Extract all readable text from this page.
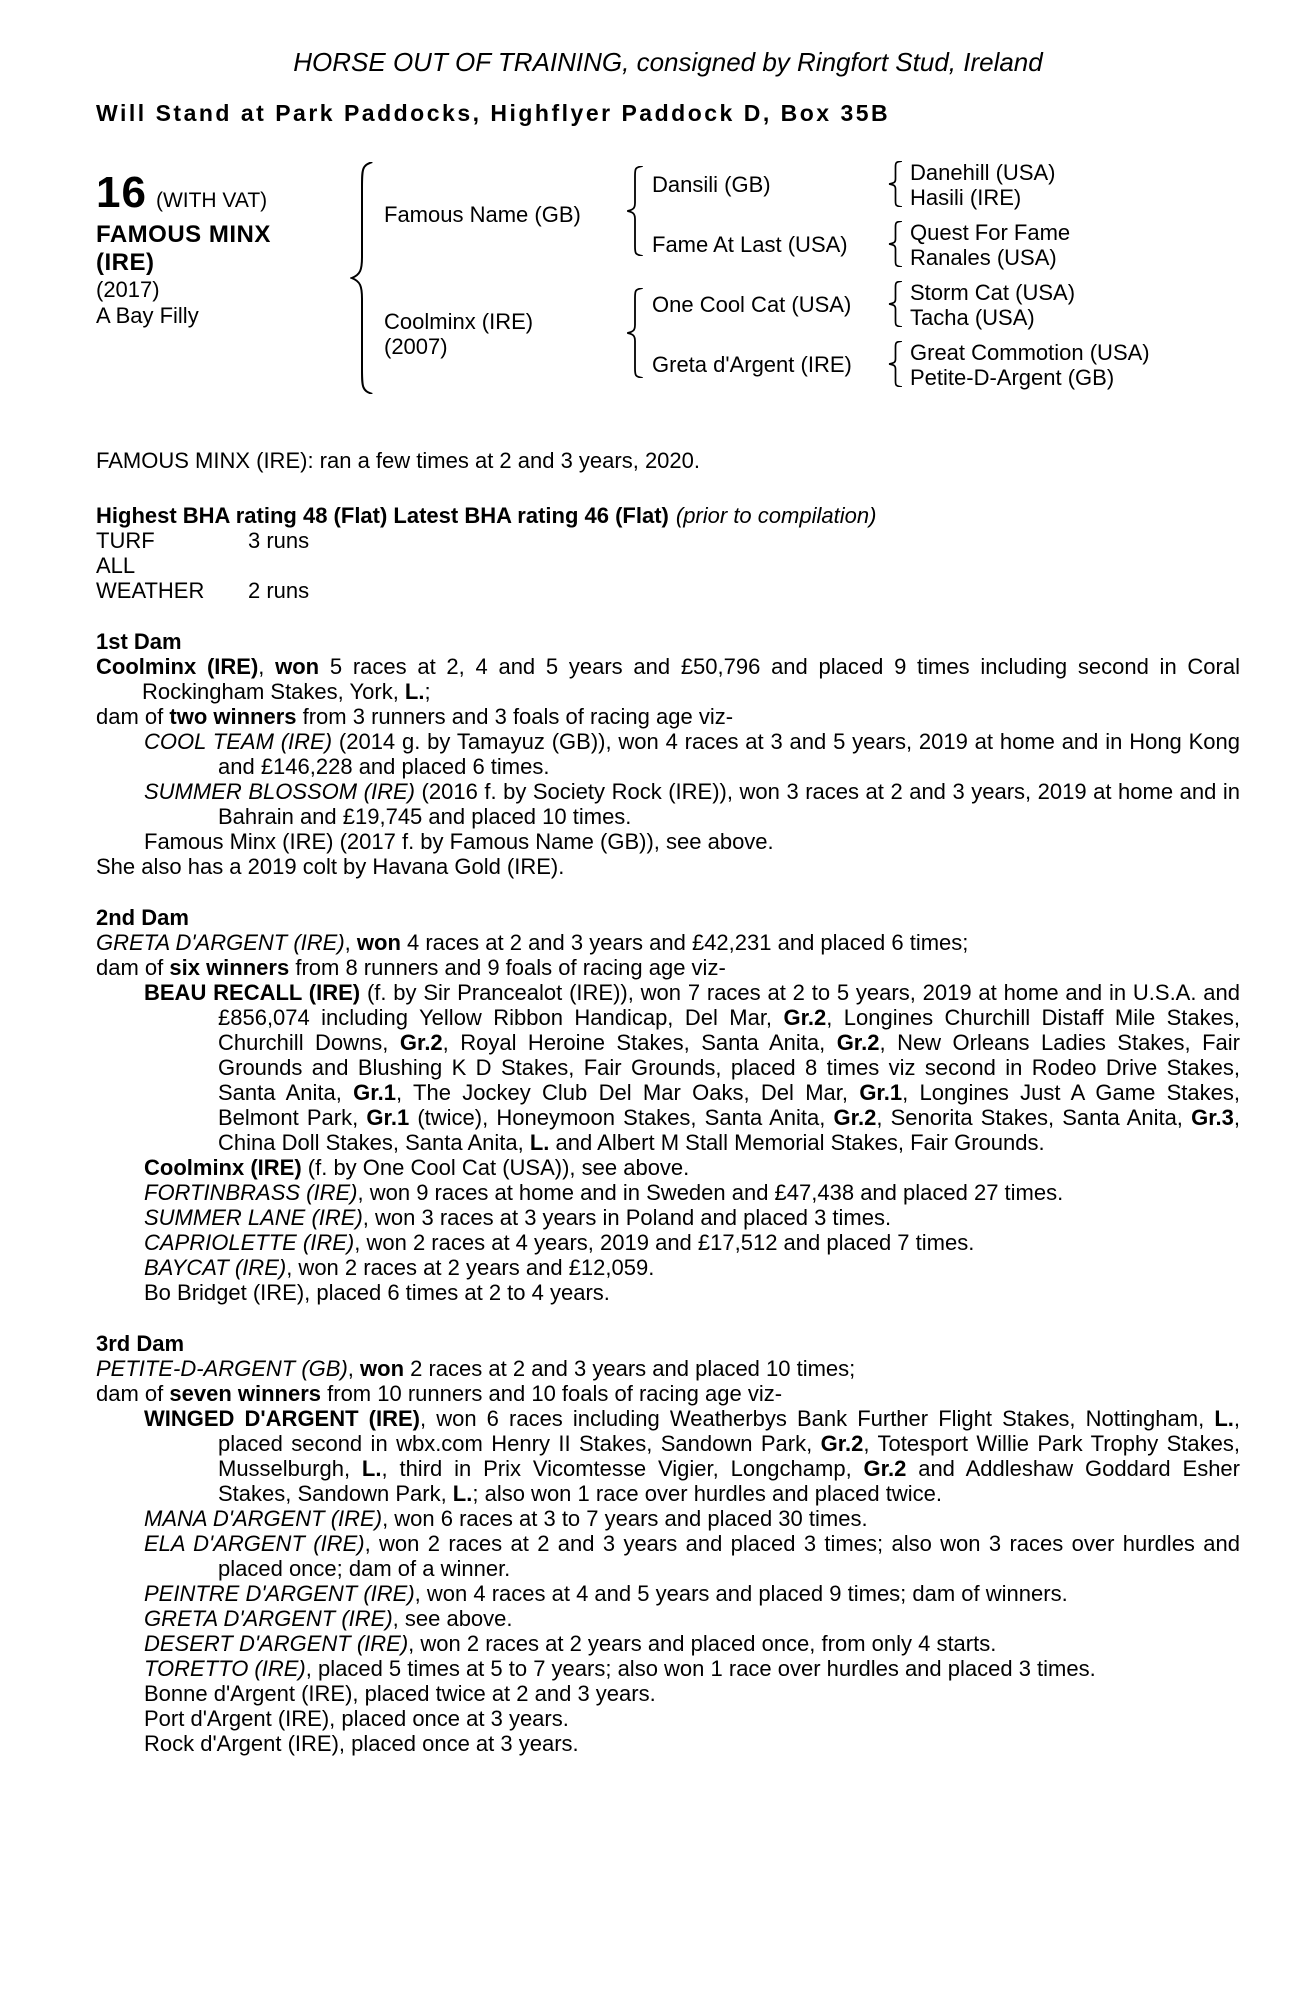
HORSE OUT OF TRAINING, consigned by Ringfort Stud, Ireland
Will Stand at Park Paddocks, Highflyer Paddock D, Box 35B
16 (WITH VAT)
FAMOUS MINX
(IRE)
(2017)
A Bay Filly
Famous Name (GB)
Coolminx (IRE)
(2007)
Dansili (GB)
Fame At Last (USA)
One Cool Cat (USA)
Greta d'Argent (IRE)
Danehill (USA)
Hasili (IRE)
Quest For Fame
Ranales (USA)
Storm Cat (USA)
Tacha (USA)
Great Commotion (USA)
Petite-D-Argent (GB)

FAMOUS MINX (IRE): ran a few times at 2 and 3 years, 2020.

Highest BHA rating 48 (Flat) Latest BHA rating 46 (Flat) (prior to compilation)
TURF	3 runs
ALL WEATHER 2 runs
1st Dam

Coolminx (IRE), won 5 races at 2, 4 and 5 years and £50,796 and placed 9 times including second in Coral Rockingham Stakes, York, L.;

dam of two winners from 3 runners and 3 foals of racing age viz-

COOL TEAM (IRE) (2014 g. by Tamayuz (GB)), won 4 races at 3 and 5 years, 2019 at home and in Hong Kong and £146,228 and placed 6 times.

SUMMER BLOSSOM (IRE) (2016 f. by Society Rock (IRE)), won 3 races at 2 and 3 years, 2019 at home and in Bahrain and £19,745 and placed 10 times.

Famous Minx (IRE) (2017 f. by Famous Name (GB)), see above.

She also has a 2019 colt by Havana Gold (IRE).

2nd Dam

GRETA D'ARGENT (IRE), won 4 races at 2 and 3 years and £42,231 and placed 6 times;

dam of six winners from 8 runners and 9 foals of racing age viz-

BEAU RECALL (IRE) (f. by Sir Prancealot (IRE)), won 7 races at 2 to 5 years, 2019 at home and in U.S.A. and £856,074 including Yellow Ribbon Handicap, Del Mar, Gr.2, Longines Churchill Distaff Mile Stakes, Churchill Downs, Gr.2, Royal Heroine Stakes, Santa Anita, Gr.2, New Orleans Ladies Stakes, Fair Grounds and Blushing K D Stakes, Fair Grounds, placed 8 times viz second in Rodeo Drive Stakes, Santa Anita, Gr.1, The Jockey Club Del Mar Oaks, Del Mar, Gr.1, Longines Just A Game Stakes, Belmont Park, Gr.1 (twice), Honeymoon Stakes, Santa Anita, Gr.2, Senorita Stakes, Santa Anita, Gr.3, China Doll Stakes, Santa Anita, L. and Albert M Stall Memorial Stakes, Fair Grounds.

Coolminx (IRE) (f. by One Cool Cat (USA)), see above.

FORTINBRASS (IRE), won 9 races at home and in Sweden and £47,438 and placed 27 times.

SUMMER LANE (IRE), won 3 races at 3 years in Poland and placed 3 times.

CAPRIOLETTE (IRE), won 2 races at 4 years, 2019 and £17,512 and placed 7 times.

BAYCAT (IRE), won 2 races at 2 years and £12,059.

Bo Bridget (IRE), placed 6 times at 2 to 4 years.

3rd Dam

PETITE-D-ARGENT (GB), won 2 races at 2 and 3 years and placed 10 times;

dam of seven winners from 10 runners and 10 foals of racing age viz-

WINGED D'ARGENT (IRE), won 6 races including Weatherbys Bank Further Flight Stakes, Nottingham, L., placed second in wbx.com Henry II Stakes, Sandown Park, Gr.2, Totesport Willie Park Trophy Stakes, Musselburgh, L., third in Prix Vicomtesse Vigier, Longchamp, Gr.2 and Addleshaw Goddard Esher Stakes, Sandown Park, L.; also won 1 race over hurdles and placed twice.

MANA D'ARGENT (IRE), won 6 races at 3 to 7 years and placed 30 times.

ELA D'ARGENT (IRE), won 2 races at 2 and 3 years and placed 3 times; also won 3 races over hurdles and placed once; dam of a winner.

PEINTRE D'ARGENT (IRE), won 4 races at 4 and 5 years and placed 9 times; dam of winners.

GRETA D'ARGENT (IRE), see above.

DESERT D'ARGENT (IRE), won 2 races at 2 years and placed once, from only 4 starts.

TORETTO (IRE), placed 5 times at 5 to 7 years; also won 1 race over hurdles and placed 3 times.

Bonne d'Argent (IRE), placed twice at 2 and 3 years.

Port d'Argent (IRE), placed once at 3 years.

Rock d'Argent (IRE), placed once at 3 years.
